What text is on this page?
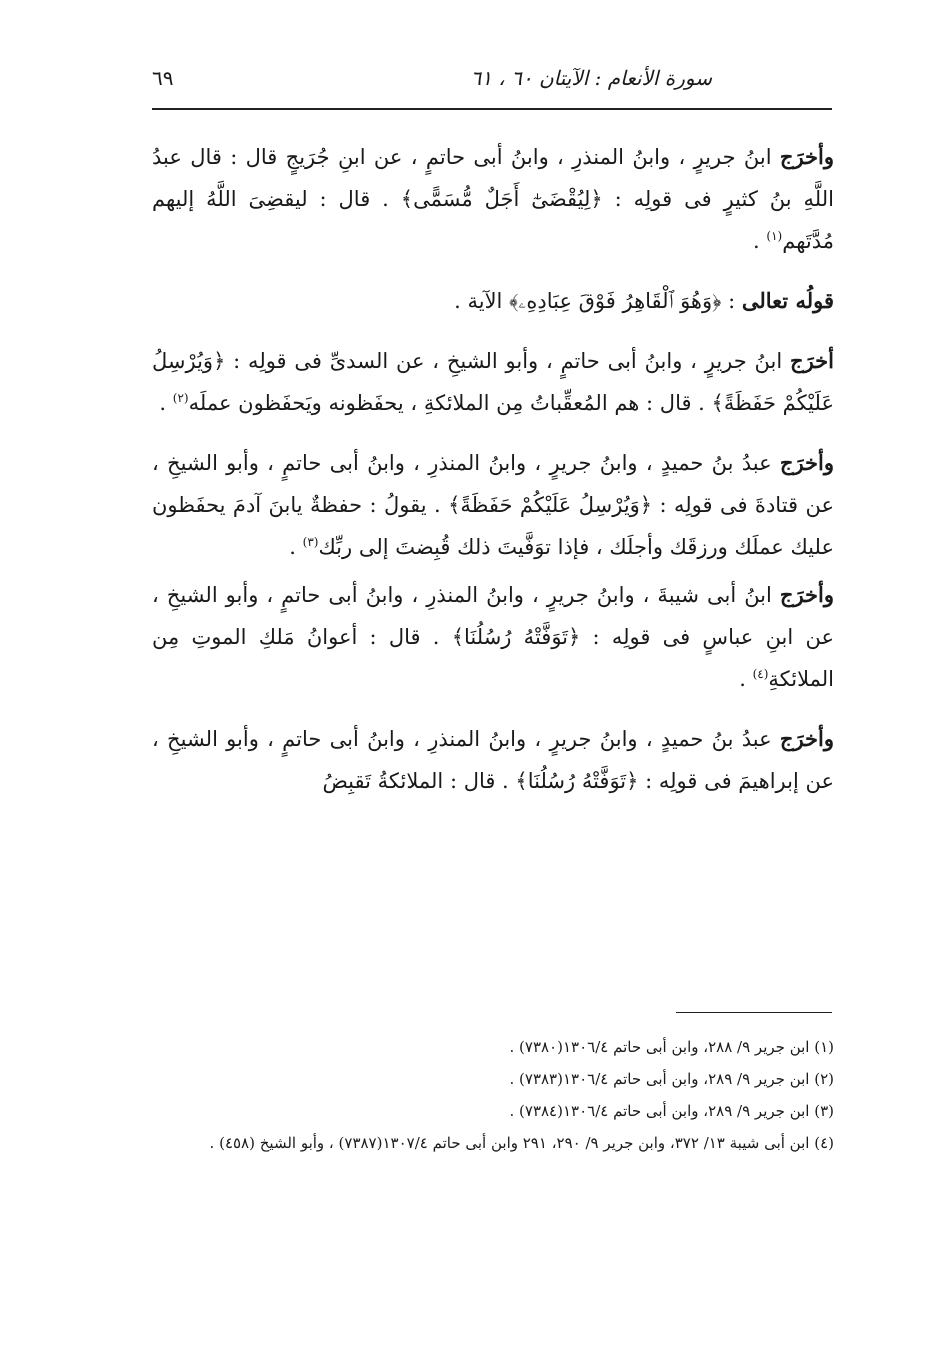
سورة الأنعام : الآيتان ٦٠ ، ٦١
٦٩

وأخرَج ابنُ جريرٍ ، وابنُ المنذرِ ، وابنُ أبى حاتمٍ ، عن ابنِ جُرَيجٍ قال : قال عبدُ اللَّهِ بنُ كثيرٍ فى قولِه : ﴿لِيُقْضَىٰٓ أَجَلٌ مُّسَمًّى﴾ . قال : ليقضِىَ اللَّهُ إليهم مُدَّتَهم$^{(١)}$ .

قولُه تعالى : ﴿وَهُوَ ٱلْقَاهِرُ فَوْقَ عِبَادِهِۦ﴾ الآية .

أخرَج ابنُ جريرٍ ، وابنُ أبى حاتمٍ ، وأبو الشيخِ ، عن السدىِّ فى قولِه : ﴿وَيُرْسِلُ عَلَيْكُمْ حَفَظَةً﴾ . قال : هم المُعقِّباتُ مِن الملائكةِ ، يحفَظونه ويَحفَظون عملَه$^{(٢)}$ .

وأخرَج عبدُ بنُ حميدٍ ، وابنُ جريرٍ ، وابنُ المنذرِ ، وابنُ أبى حاتمٍ ، وأبو الشيخِ ، عن قتادةَ فى قولِه : ﴿وَيُرْسِلُ عَلَيْكُمْ حَفَظَةً﴾ . يقولُ : حفظةٌ يابنَ آدمَ يحفَظون عليك عملَك ورزقَك وأجلَك ، فإذا توَفَّيتَ ذلك قُبِضتَ إلى ربِّك$^{(٣)}$ .

وأخرَج ابنُ أبى شيبةَ ، وابنُ جريرٍ ، وابنُ المنذرِ ، وابنُ أبى حاتمٍ ، وأبو الشيخِ ، عن ابنِ عباسٍ فى قولِه : ﴿تَوَفَّتْهُ رُسُلُنَا﴾ . قال : أعوانُ مَلكِ الموتِ مِن الملائكةِ$^{(٤)}$ .

وأخرَج عبدُ بنُ حميدٍ ، وابنُ جريرٍ ، وابنُ المنذرِ ، وابنُ أبى حاتمٍ ، وأبو الشيخِ ، عن إبراهيمَ فى قولِه : ﴿تَوَفَّتْهُ رُسُلُنَا﴾ . قال : الملائكةُ تَقبِضُ

(١) ابن جرير ٩/ ٢٨٨، وابن أبى حاتم ١٣٠٦/٤(٧٣٨٠) .

(٢) ابن جرير ٩/ ٢٨٩، وابن أبى حاتم ١٣٠٦/٤(٧٣٨٣) .

(٣) ابن جرير ٩/ ٢٨٩، وابن أبى حاتم ١٣٠٦/٤(٧٣٨٤) .

(٤) ابن أبى شيبة ١٣/ ٣٧٢، وابن جرير ٩/ ٢٩٠، ٢٩١ وابن أبى حاتم ١٣٠٧/٤(٧٣٨٧) ، وأبو الشيخ (٤٥٨) .
